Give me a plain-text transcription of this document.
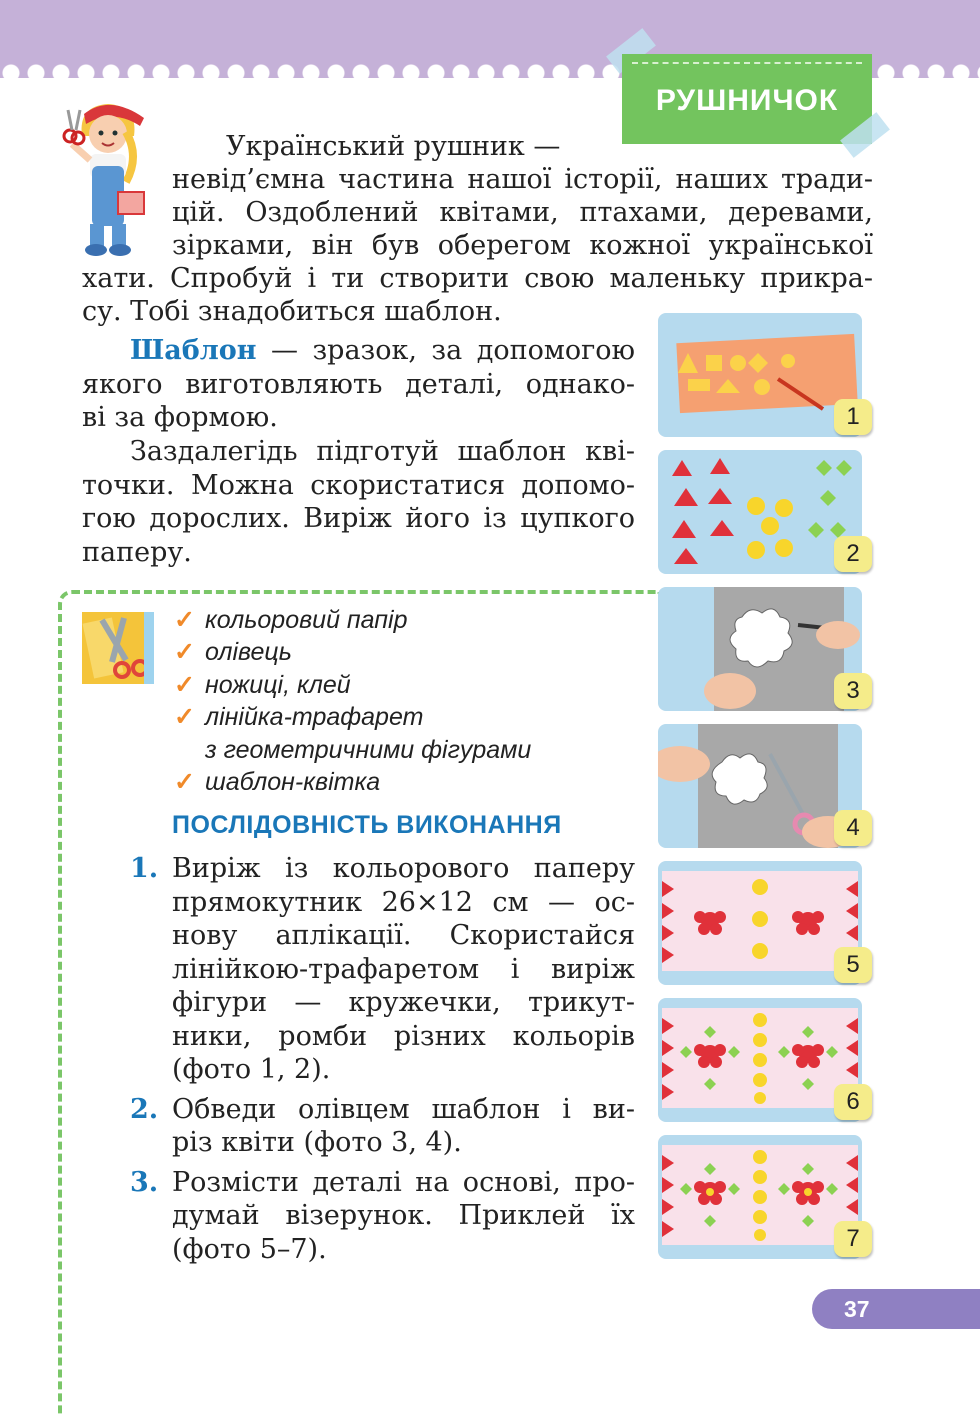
РУШНИЧОК
Український рушник —
невід’ємна частина нашої історії, наших тради-
цій. Оздоблений квітами, птахами, деревами,
зірками, він був оберегом кожної української
хати. Спробуй і ти створити свою маленьку прикра-
су. Тобі знадобиться шаблон.
Шаблон — зразок, за допомогою
якого виготовляють деталі, однако-
ві за формою.
Заздалегідь підготуй шаблон кві-
точки. Можна скористатися допомо-
гою дорослих. Виріж його із цупкого
паперу.
✓ кольоровий папір
✓ олівець
✓ ножиці, клей
✓ лінійка-трафарет
з геометричними фігурами
✓ шаблон-квітка
ПОСЛІДОВНІСТЬ ВИКОНАННЯ
1. Виріж із кольорового паперу
прямокутник 26×12 см — ос-
нову аплікації. Скористайся
лінійкою-трафаретом і виріж
фігури — кружечки, трикут-
ники, ромби різних кольорів
(фото 1, 2).
2. Обведи олівцем шаблон і ви-
різ квіти (фото 3, 4).
3. Розмісти деталі на основі, про-
думай візерунок. Приклей їх
(фото 5–7).
1
2
3
4
5
6
7
37
